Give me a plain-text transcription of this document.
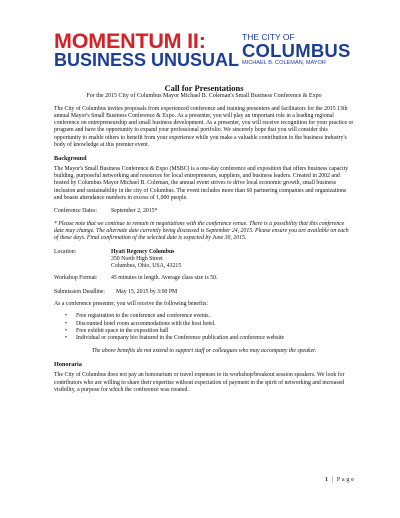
MOMENTUM II:
BUSINESS UNUSUAL
THE CITY OF
COLUMBUS
MICHAEL B. COLEMAN, MAYOR
Call for Presentations
For the 2015 City of Columbus Mayor Michael B. Coleman's Small Business Conference & Expo

The City of Columbus invites proposals from experienced conference and training presenters and facilitators for the 2015 13th annual Mayor's Small Business Conference & Expo. As a presenter, you will play an important role in a leading regional conference on entrepreneurship and small business development. As a presenter, you will receive recognition for your practice or program and have the opportunity to expand your professional portfolio. We sincerely hope that you will consider this opportunity to enable others to benefit from your experience while you make a valuable contribution to the business industry's body of knowledge at this premier event.

Background

The Mayor's Small Business Conference & Expo (MSBC) is a one-day conference and exposition that offers business capacity building, purposeful networking and resources for local entrepreneurs, suppliers, and business leaders. Created in 2002 and hosted by Columbus Mayor Michael B. Coleman, the annual event strives to drive local economic growth, small business inclusion and sustainability in the city of Columbus. The event includes more than 60 partnering companies and organizations and boasts attendance numbers in excess of 1,000 people.

Conference Dates:	September 2, 2015*

* Please note that we continue to remain in negotiations with the conference venue. There is a possibility that this conference date may change. The alternate date currently being discussed is September 24, 2015. Please ensure you are available on each of these days. Final confirmation of the selected date is expected by June 30, 2015.

Location:	Hyatt Regency Columbus
350 North High Street
Columbus, Ohio, USA, 43215
Workshop Format:	45 minutes in length. Average class size is 50.
Submission Deadline:	May 15, 2015 by 3:00 PM

As a conference presenter, you will receive the following benefits:

• Free registration to the conference and conference events.
• Discounted hotel room accommodations with the host hotel.
• Free exhibit space in the exposition hall
• Individual or company bio featured in the Conference publication and conference website

The above benefits do not extend to support staff or colleagues who may accompany the speaker.

Honoraria

The City of Columbus does not pay an honorarium or travel expenses to its workshop/breakout session speakers. We look for contributors who are willing to share their expertise without expectation of payment in the spirit of networking and increased visibility, a purpose for which the conference was created.

1 | P a g e
